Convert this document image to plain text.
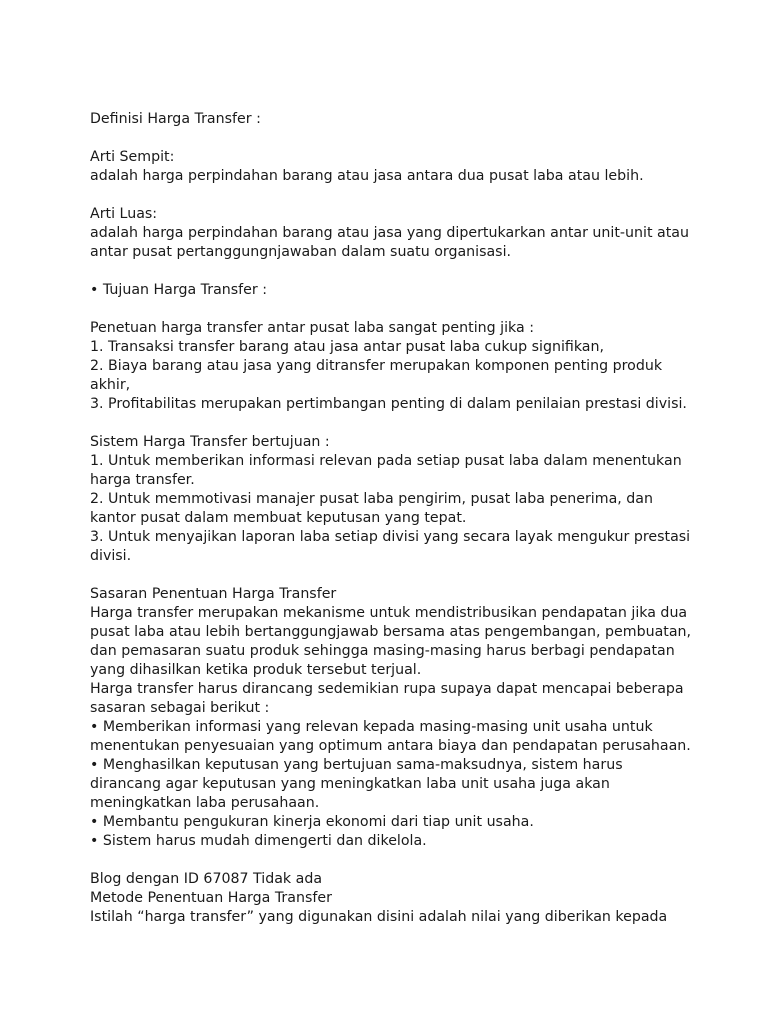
Definisi Harga Transfer :
Arti Sempit:
adalah harga perpindahan barang atau jasa antara dua pusat laba atau lebih.
Arti Luas:
adalah harga perpindahan barang atau jasa yang dipertukarkan antar unit-unit atau
antar pusat pertanggungnjawaban dalam suatu organisasi.
• Tujuan Harga Transfer :
Penetuan harga transfer antar pusat laba sangat penting jika :
1. Transaksi transfer barang atau jasa antar pusat laba cukup signifikan,
2. Biaya barang atau jasa yang ditransfer merupakan komponen penting produk
akhir,
3. Profitabilitas merupakan pertimbangan penting di dalam penilaian prestasi divisi.
Sistem Harga Transfer bertujuan :
1. Untuk memberikan informasi relevan pada setiap pusat laba dalam menentukan
harga transfer.
2. Untuk memmotivasi manajer pusat laba pengirim, pusat laba penerima, dan
kantor pusat dalam membuat keputusan yang tepat.
3. Untuk menyajikan laporan laba setiap divisi yang secara layak mengukur prestasi
divisi.
Sasaran Penentuan Harga Transfer
Harga transfer merupakan mekanisme untuk mendistribusikan pendapatan jika dua
pusat laba atau lebih bertanggungjawab bersama atas pengembangan, pembuatan,
dan pemasaran suatu produk sehingga masing-masing harus berbagi pendapatan
yang dihasilkan ketika produk tersebut terjual.
Harga transfer harus dirancang sedemikian rupa supaya dapat mencapai beberapa
sasaran sebagai berikut :
• Memberikan informasi yang relevan kepada masing-masing unit usaha untuk
menentukan penyesuaian yang optimum antara biaya dan pendapatan perusahaan.
• Menghasilkan keputusan yang bertujuan sama-maksudnya, sistem harus
dirancang agar keputusan yang meningkatkan laba unit usaha juga akan
meningkatkan laba perusahaan.
• Membantu pengukuran kinerja ekonomi dari tiap unit usaha.
• Sistem harus mudah dimengerti dan dikelola.
Blog dengan ID 67087 Tidak ada
Metode Penentuan Harga Transfer
Istilah “harga transfer” yang digunakan disini adalah nilai yang diberikan kepada
